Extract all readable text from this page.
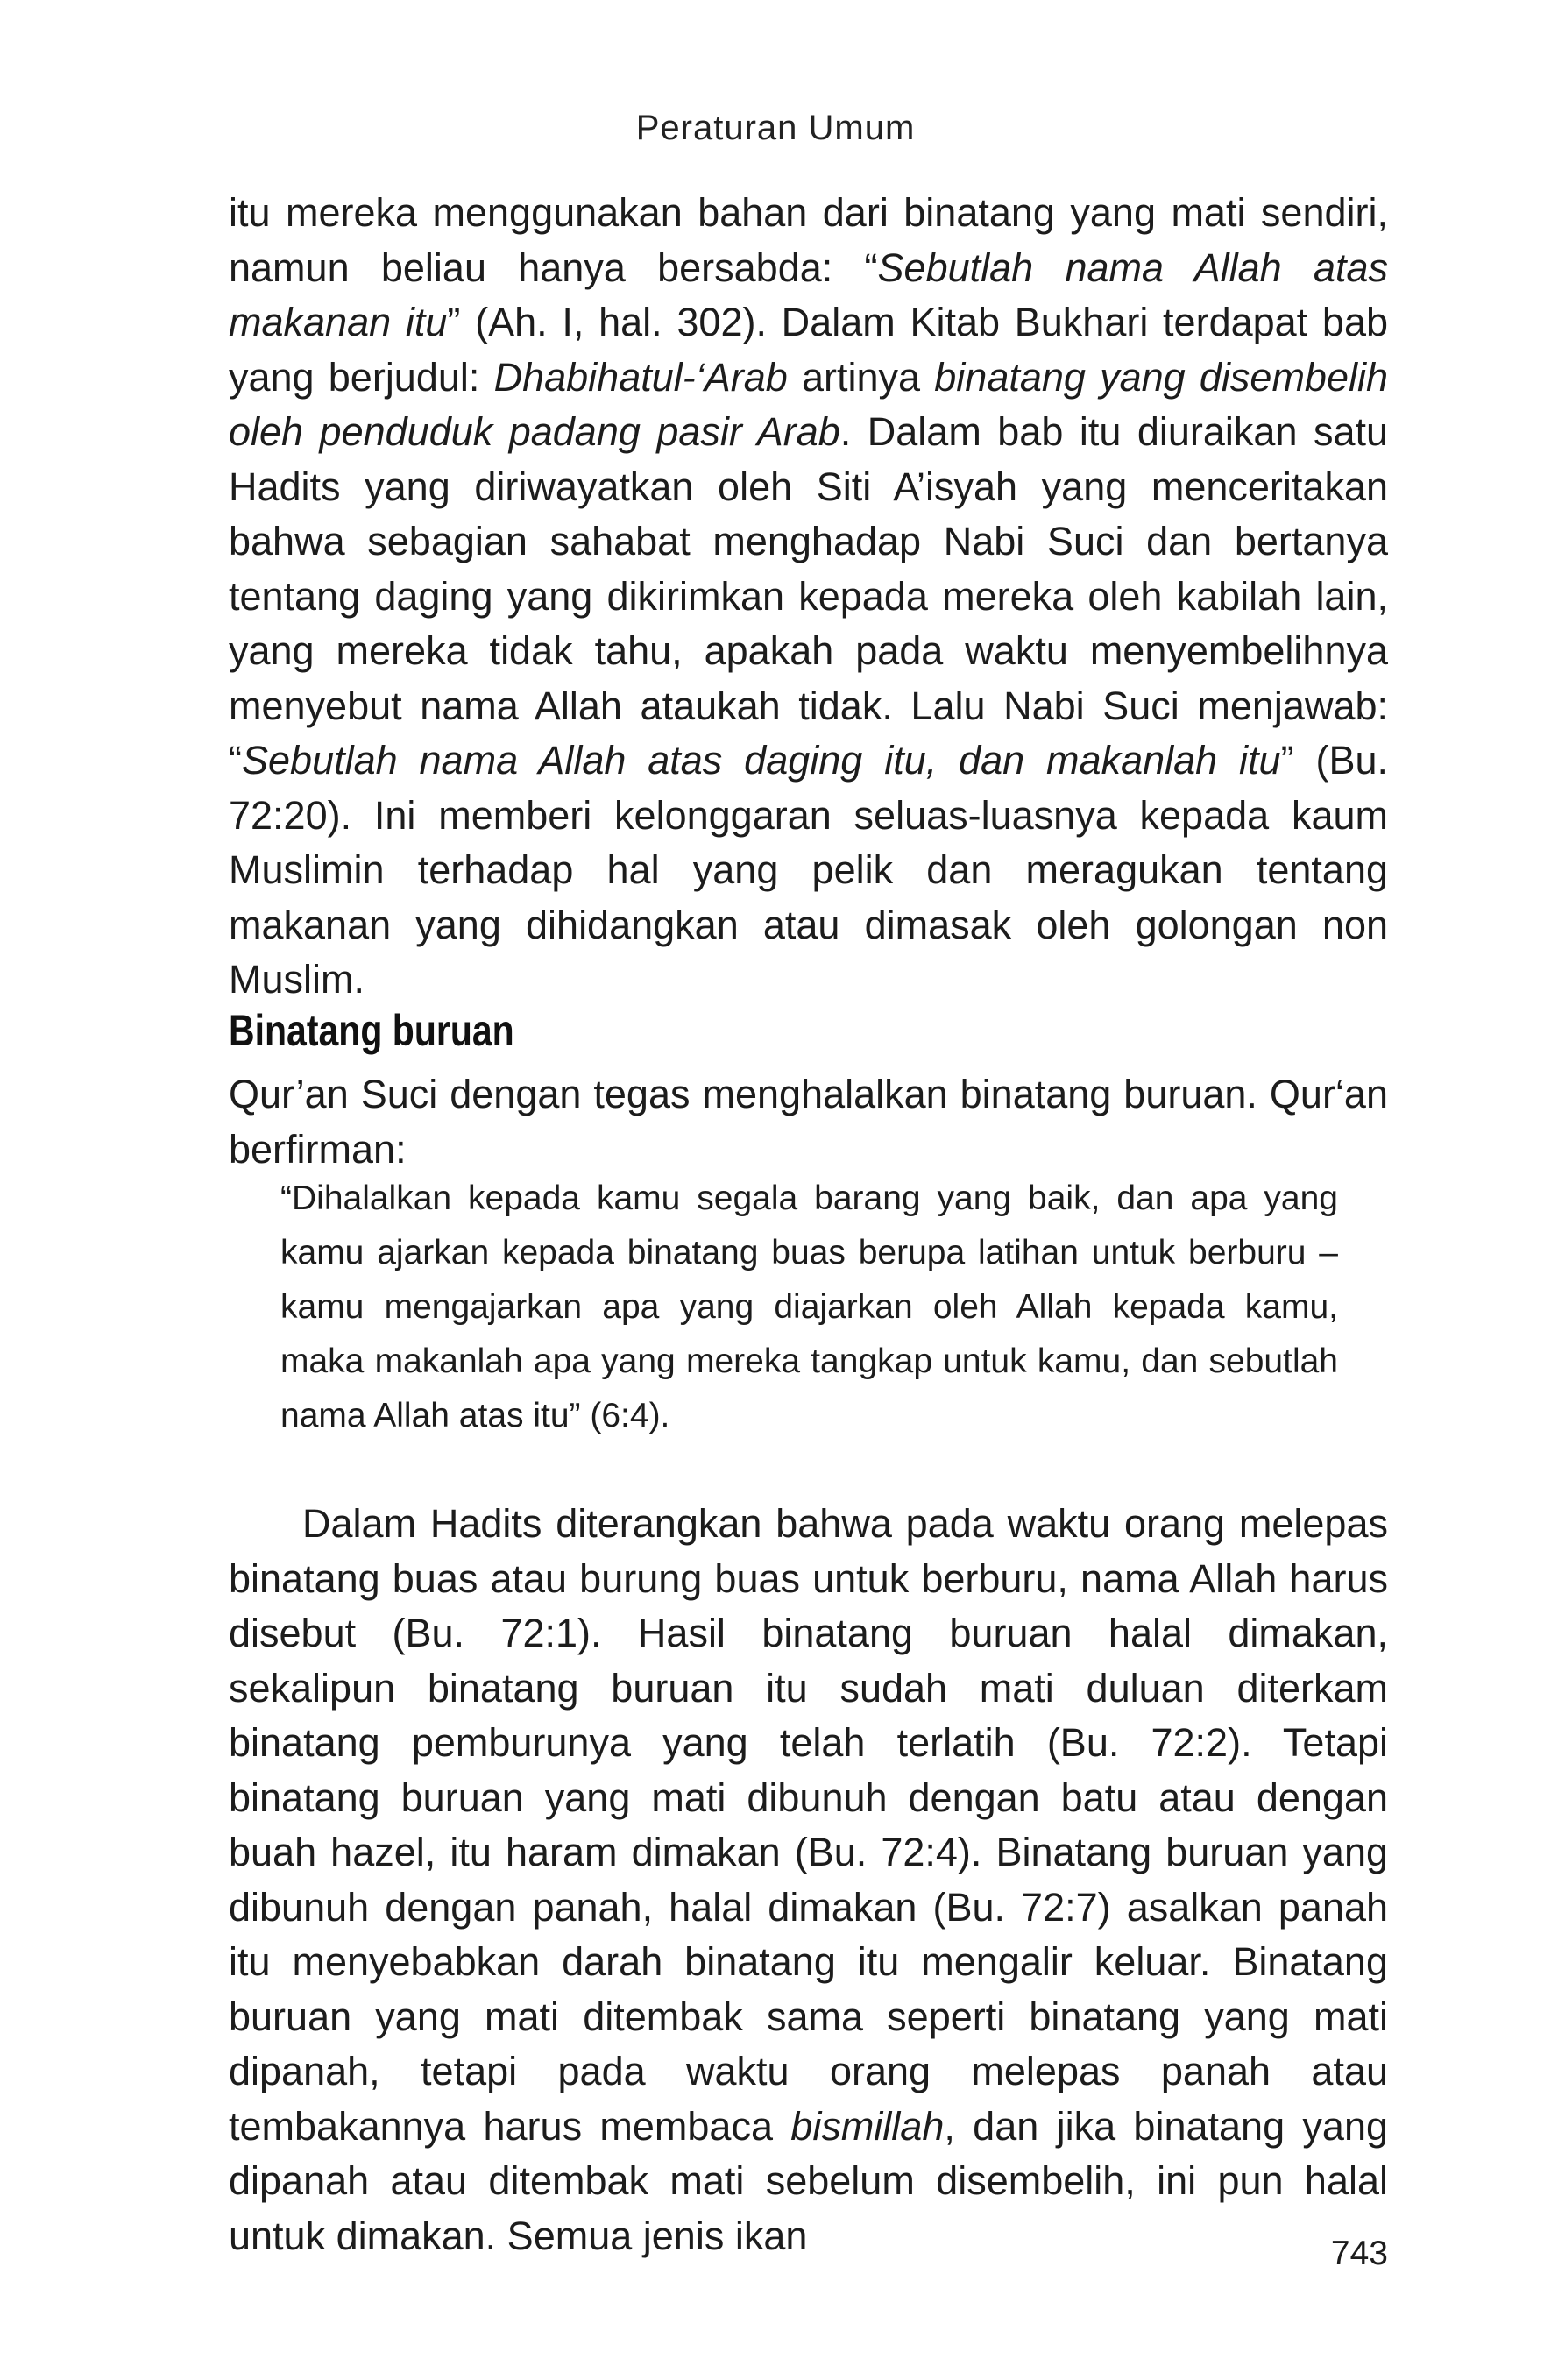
Peraturan Umum

itu mereka menggunakan bahan dari binatang yang mati sendiri, namun beliau hanya bersabda: “Sebutlah nama Allah atas makanan itu” (Ah. I, hal. 302). Dalam Kitab Bukhari terdapat bab yang berjudul: Dhabihatul-‘Arab artinya binatang yang disembelih oleh penduduk padang pasir Arab. Dalam bab itu diuraikan satu Hadits yang diriwayatkan oleh Siti A’isyah yang menceritakan bahwa sebagian sahabat menghadap Nabi Suci dan bertanya tentang daging yang dikirimkan kepada mereka oleh kabilah lain, yang mereka tidak tahu, apakah pada waktu menyembelihnya menyebut nama Allah ataukah tidak. Lalu Nabi Suci menjawab: “Sebutlah nama Allah atas daging itu, dan makanlah itu” (Bu. 72:20). Ini memberi kelonggaran seluas-luasnya kepada kaum Muslimin terhadap hal yang pelik dan meragukan tentang makanan yang dihidangkan atau dimasak oleh golongan non Muslim.

Binatang buruan

Qur’an Suci dengan tegas menghalalkan binatang buruan. Qur‘an berfirman:

“Dihalalkan kepada kamu segala barang yang baik, dan apa yang kamu ajarkan kepada binatang buas berupa latihan untuk berburu – kamu mengajarkan apa yang diajarkan oleh Allah kepada kamu, maka makanlah apa yang mereka tangkap untuk kamu, dan sebutlah nama Allah atas itu” (6:4).

Dalam Hadits diterangkan bahwa pada waktu orang melepas binatang buas atau burung buas untuk berburu, nama Allah harus disebut (Bu. 72:1). Hasil binatang buruan halal dimakan, sekalipun binatang buruan itu sudah mati duluan diterkam binatang pemburunya yang telah terlatih (Bu. 72:2). Tetapi binatang buruan yang mati dibunuh dengan batu atau dengan buah hazel, itu haram dimakan (Bu. 72:4). Binatang buruan yang dibunuh dengan panah, halal dimakan (Bu. 72:7) asalkan panah itu menyebabkan darah binatang itu mengalir keluar. Binatang buruan yang mati ditembak sama seperti binatang yang mati dipanah, tetapi pada waktu orang melepas panah atau tembakannya harus membaca bismillah, dan jika binatang yang dipanah atau ditembak mati sebelum disembelih, ini pun halal untuk dimakan. Semua jenis ikan	743
